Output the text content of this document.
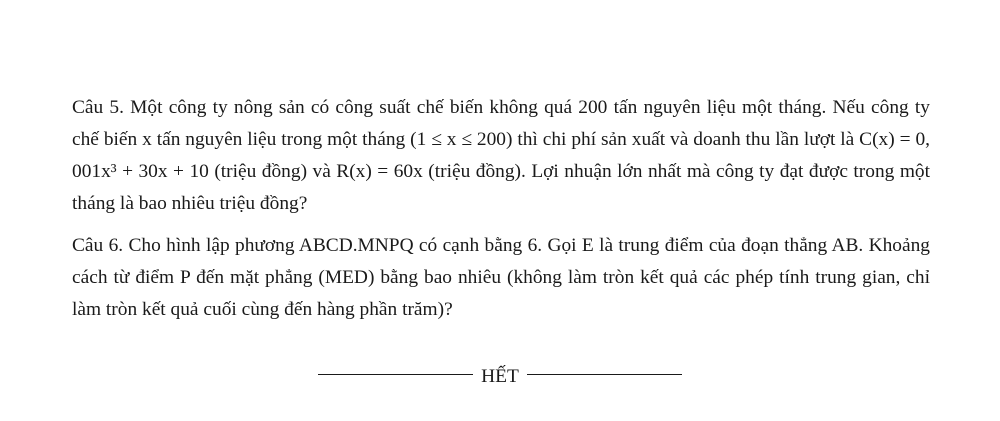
Câu 5. Một công ty nông sản có công suất chế biến không quá 200 tấn nguyên liệu một tháng. Nếu công ty chế biến x tấn nguyên liệu trong một tháng (1 ≤ x ≤ 200) thì chi phí sản xuất và doanh thu lần lượt là C(x) = 0, 001x³ + 30x + 10 (triệu đồng) và R(x) = 60x (triệu đồng). Lợi nhuận lớn nhất mà công ty đạt được trong một tháng là bao nhiêu triệu đồng?

Câu 6. Cho hình lập phương ABCD.MNPQ có cạnh bằng 6. Gọi E là trung điểm của đoạn thẳng AB. Khoảng cách từ điểm P đến mặt phẳng (MED) bằng bao nhiêu (không làm tròn kết quả các phép tính trung gian, chỉ làm tròn kết quả cuối cùng đến hàng phần trăm)?

HẾT
